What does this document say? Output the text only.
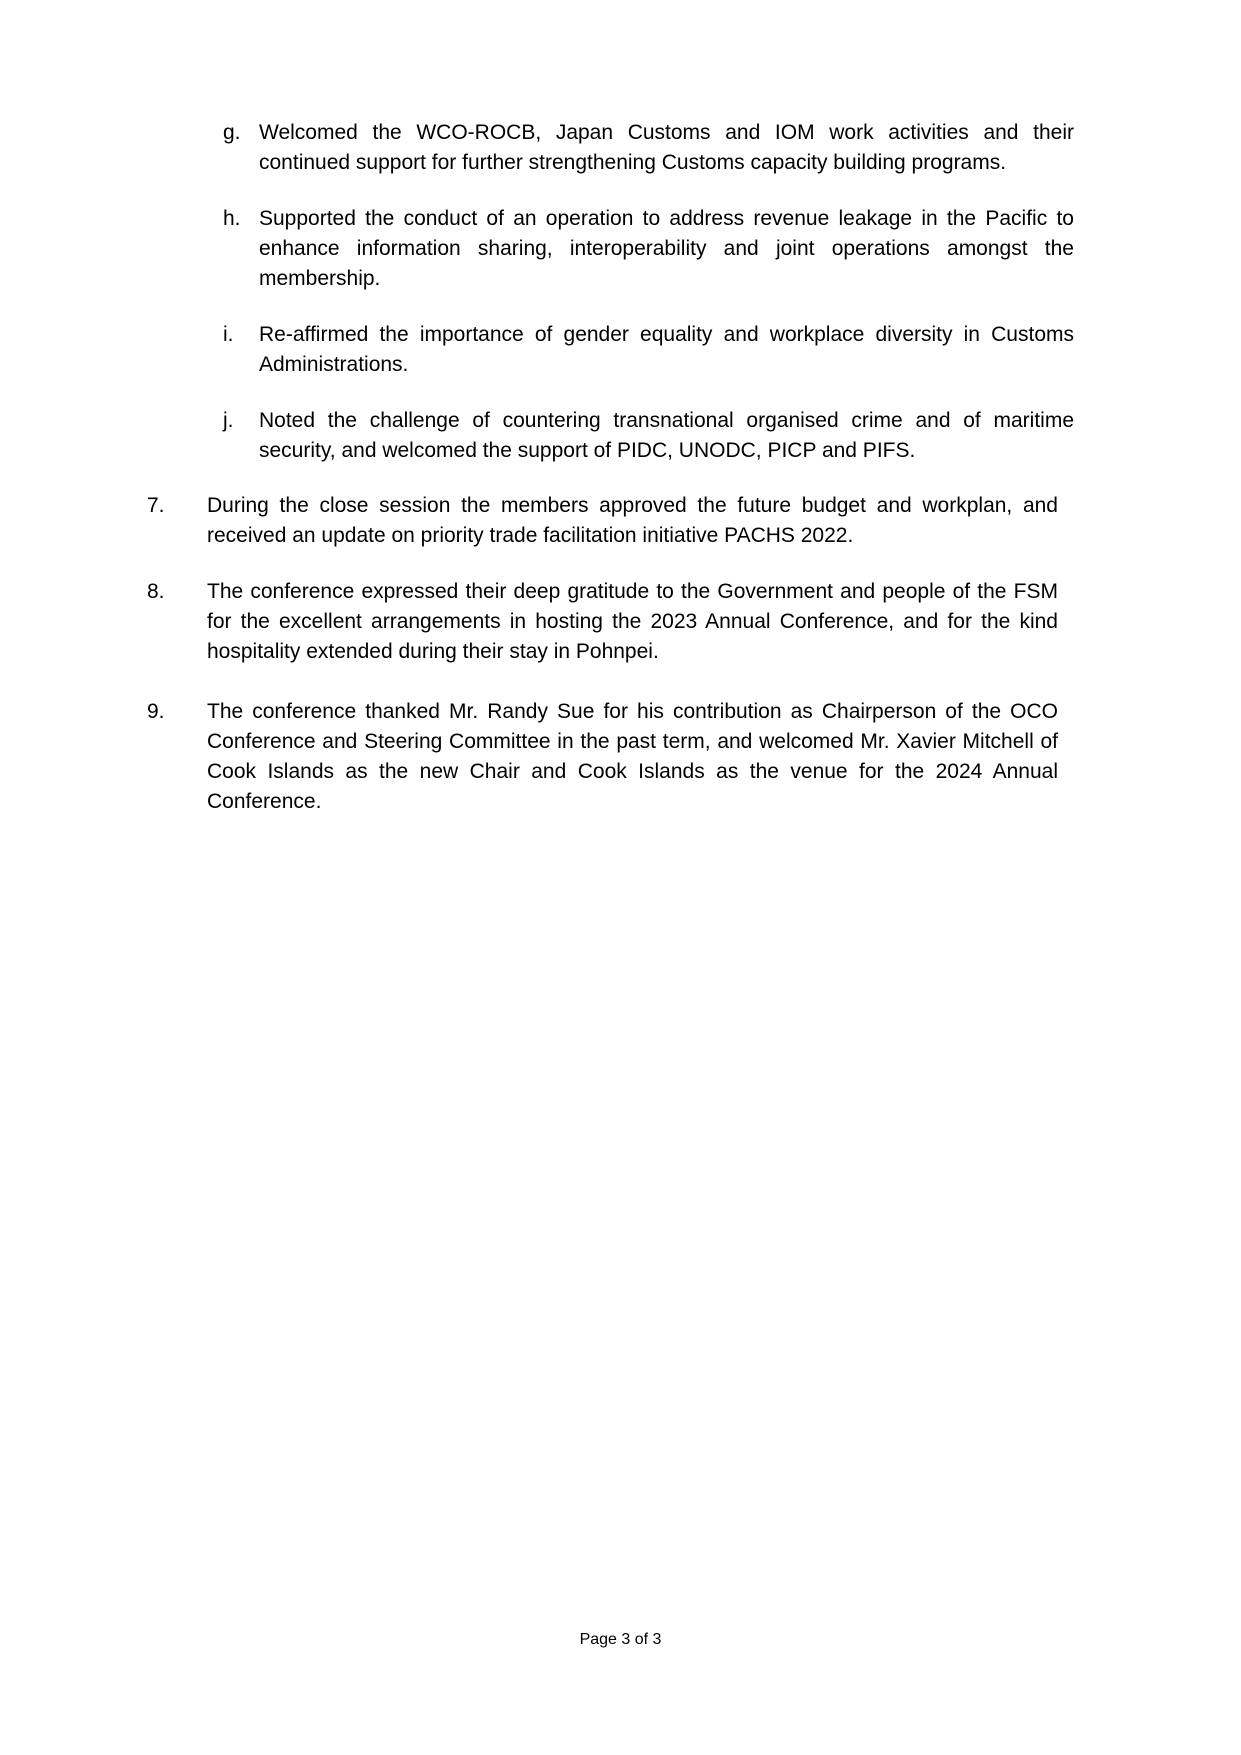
g. Welcomed the WCO-ROCB, Japan Customs and IOM work activities and their continued support for further strengthening Customs capacity building programs.
h. Supported the conduct of an operation to address revenue leakage in the Pacific to enhance information sharing, interoperability and joint operations amongst the membership.
i. Re-affirmed the importance of gender equality and workplace diversity in Customs Administrations.
j. Noted the challenge of countering transnational organised crime and of maritime security, and welcomed the support of PIDC, UNODC, PICP and PIFS.
7. During the close session the members approved the future budget and workplan, and received an update on priority trade facilitation initiative PACHS 2022.
8. The conference expressed their deep gratitude to the Government and people of the FSM for the excellent arrangements in hosting the 2023 Annual Conference, and for the kind hospitality extended during their stay in Pohnpei.
9. The conference thanked Mr. Randy Sue for his contribution as Chairperson of the OCO Conference and Steering Committee in the past term, and welcomed Mr. Xavier Mitchell of Cook Islands as the new Chair and Cook Islands as the venue for the 2024 Annual Conference.
Page 3 of 3
